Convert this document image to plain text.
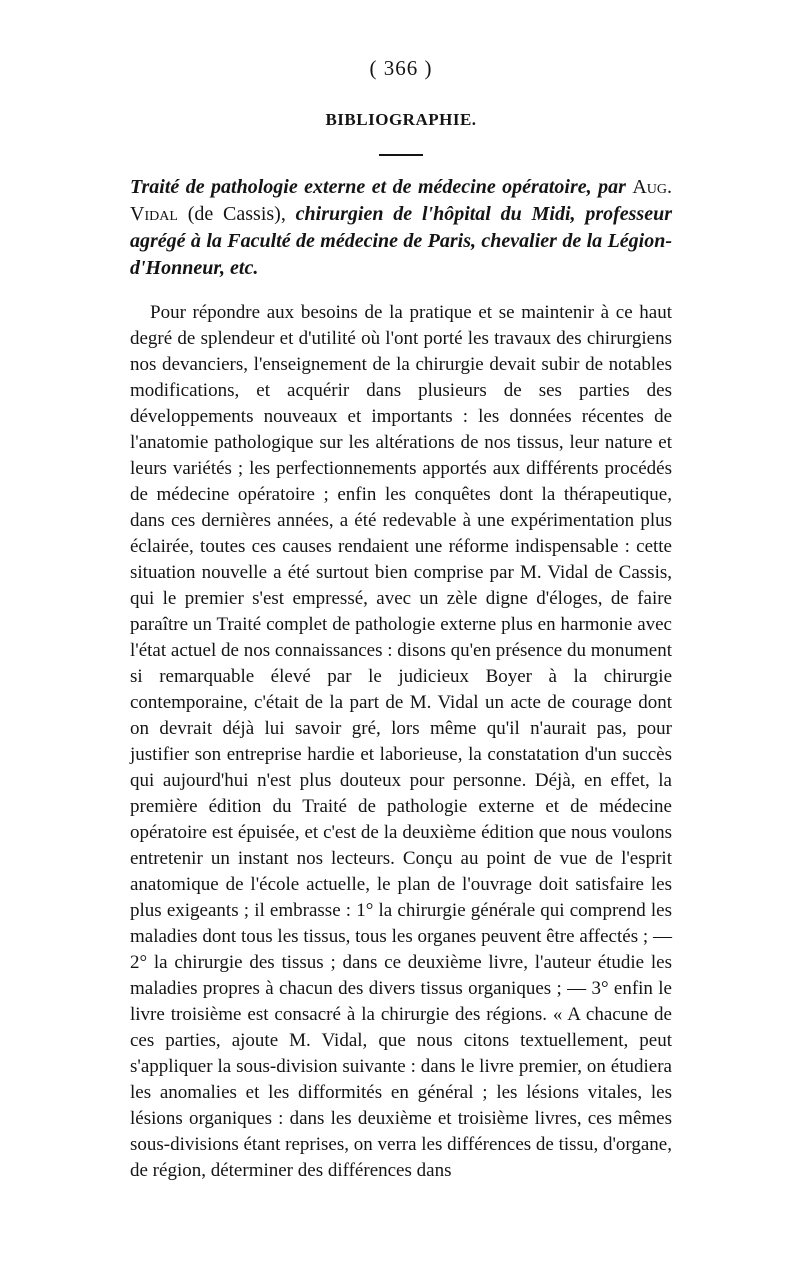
( 366 )

BIBLIOGRAPHIE.

Traité de pathologie externe et de médecine opératoire, par Aug. Vidal (de Cassis), chirurgien de l'hôpital du Midi, professeur agrégé à la Faculté de médecine de Paris, chevalier de la Légion-d'Honneur, etc.

Pour répondre aux besoins de la pratique et se maintenir à ce haut degré de splendeur et d'utilité où l'ont porté les travaux des chirurgiens nos devanciers, l'enseignement de la chirurgie devait subir de notables modifications, et acquérir dans plusieurs de ses parties des développements nouveaux et importants : les données récentes de l'anatomie pathologique sur les altérations de nos tissus, leur nature et leurs variétés ; les perfectionnements apportés aux différents procédés de médecine opératoire ; enfin les conquêtes dont la thérapeutique, dans ces dernières années, a été redevable à une expérimentation plus éclairée, toutes ces causes rendaient une réforme indispensable : cette situation nouvelle a été surtout bien comprise par M. Vidal de Cassis, qui le premier s'est empressé, avec un zèle digne d'éloges, de faire paraître un Traité complet de pathologie externe plus en harmonie avec l'état actuel de nos connaissances : disons qu'en présence du monument si remarquable élevé par le judicieux Boyer à la chirurgie contemporaine, c'était de la part de M. Vidal un acte de courage dont on devrait déjà lui savoir gré, lors même qu'il n'aurait pas, pour justifier son entreprise hardie et laborieuse, la constatation d'un succès qui aujourd'hui n'est plus douteux pour personne. Déjà, en effet, la première édition du Traité de pathologie externe et de médecine opératoire est épuisée, et c'est de la deuxième édition que nous voulons entretenir un instant nos lecteurs. Conçu au point de vue de l'esprit anatomique de l'école actuelle, le plan de l'ouvrage doit satisfaire les plus exigeants ; il embrasse : 1° la chirurgie générale qui comprend les maladies dont tous les tissus, tous les organes peuvent être affectés ; — 2° la chirurgie des tissus ; dans ce deuxième livre, l'auteur étudie les maladies propres à chacun des divers tissus organiques ; — 3° enfin le livre troisième est consacré à la chirurgie des régions. « A chacune de ces parties, ajoute M. Vidal, que nous citons textuellement, peut s'appliquer la sous-division suivante : dans le livre premier, on étudiera les anomalies et les difformités en général ; les lésions vitales, les lésions organiques : dans les deuxième et troisième livres, ces mêmes sous-divisions étant reprises, on verra les différences de tissu, d'organe, de région, déterminer des différences dans
